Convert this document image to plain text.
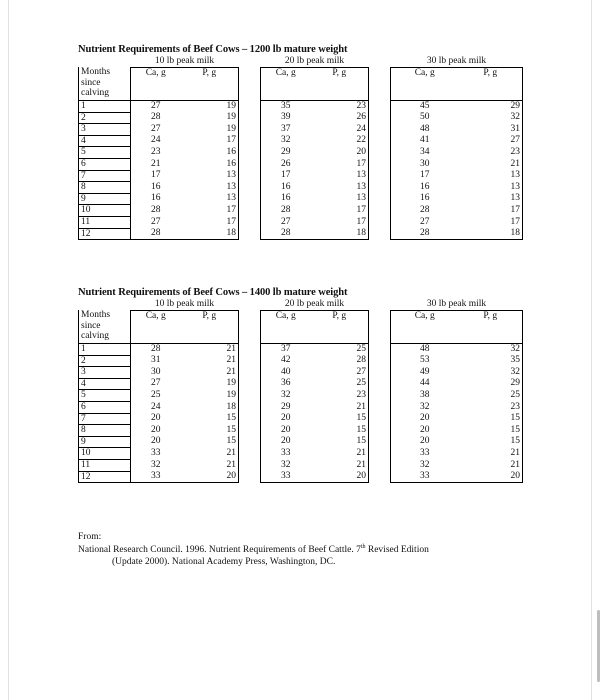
Nutrient Requirements of Beef Cows – 1200 lb mature weight
	10 lb peak milk			20 lb peak milk			30 lb peak milk	

Months
since
calving	Ca, g	P, g		Ca, g	P, g		Ca, g	P, g
1	27	19		35	23		45	29
2	28	19		39	26		50	32
3	27	19		37	24		48	31
4	24	17		32	22		41	27
5	23	16		29	20		34	23
6	21	16		26	17		30	21
7	17	13		17	13		17	13
8	16	13		16	13		16	13
9	16	13		16	13		16	13
10	28	17		28	17		28	17
11	27	17		27	17		27	17
12	28	18		28	18		28	18
Nutrient Requirements of Beef Cows – 1400 lb mature weight
	10 lb peak milk			20 lb peak milk			30 lb peak milk	

Months
since
calving	Ca, g	P, g		Ca, g	P, g		Ca, g	P, g
1	28	21		37	25		48	32
2	31	21		42	28		53	35
3	30	21		40	27		49	32
4	27	19		36	25		44	29
5	25	19		32	23		38	25
6	24	18		29	21		32	23
7	20	15		20	15		20	15
8	20	15		20	15		20	15
9	20	15		20	15		20	15
10	33	21		33	21		33	21
11	32	21		32	21		32	21
12	33	20		33	20		33	20
From:
National Research Council. 1996. Nutrient Requirements of Beef Cattle. 7th Revised Edition
(Update 2000). National Academy Press, Washington, DC.
